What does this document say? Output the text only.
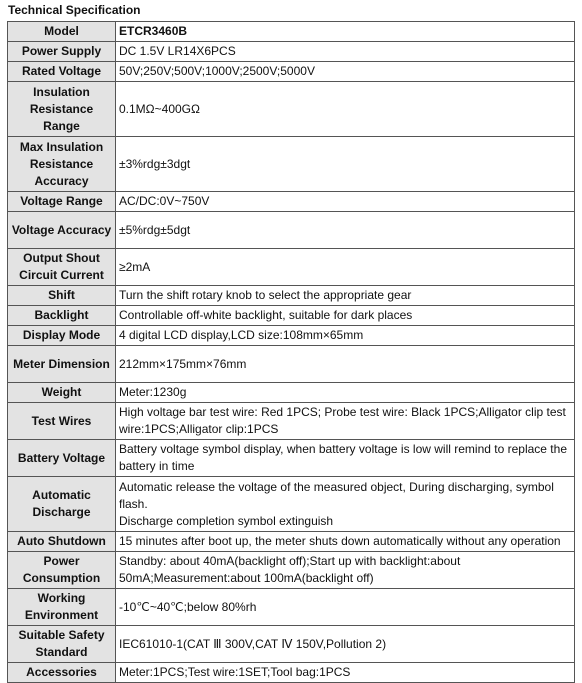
Technical Specification
Model	ETCR3460B
Power Supply	DC 1.5V LR14X6PCS
Rated Voltage	50V;250V;500V;1000V;2500V;5000V
Insulation Resistance Range	0.1MΩ~400GΩ
Max Insulation Resistance Accuracy	±3%rdg±3dgt
Voltage Range	AC/DC:0V~750V
Voltage Accuracy	±5%rdg±5dgt
Output Shout Circuit Current	≥2mA
Shift	Turn the shift rotary knob to select the appropriate gear
Backlight	Controllable off-white backlight, suitable for dark places
Display Mode	4 digital LCD display,LCD size:108mm×65mm
Meter Dimension	212mm×175mm×76mm
Weight	Meter:1230g
Test Wires	High voltage bar test wire: Red 1PCS; Probe test wire: Black 1PCS;Alligator clip test wire:1PCS;Alligator clip:1PCS
Battery Voltage	Battery voltage symbol display, when battery voltage is low will remind to replace the battery in time
Automatic Discharge	Automatic release the voltage of the measured object, During discharging, symbol flash.
Discharge completion symbol extinguish

Auto Shutdown	15 minutes after boot up, the meter shuts down automatically without any operation
Power Consumption	Standby: about 40mA(backlight off);Start up with backlight:about 50mA;Measurement:about 100mA(backlight off)
Working Environment	-10℃~40℃;below 80%rh
Suitable Safety Standard	IEC61010-1(CAT Ⅲ 300V,CAT Ⅳ 150V,Pollution 2)
Accessories	Meter:1PCS;Test wire:1SET;Tool bag:1PCS
